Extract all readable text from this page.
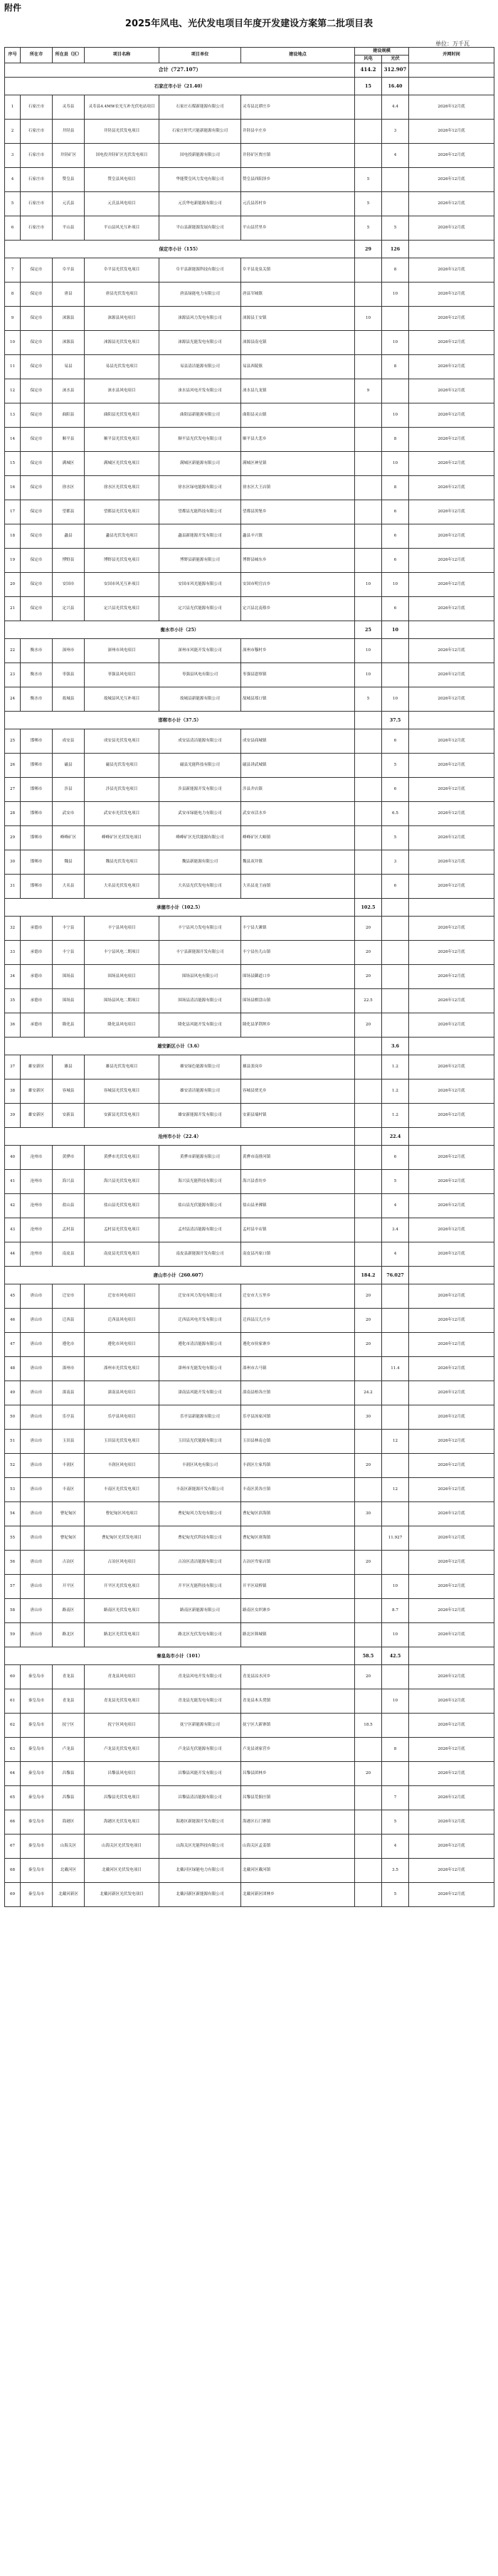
附件
2025年风电、光伏发电项目年度开发建设方案第二批项目表
单位：万千瓦
序号	所在市	所在县（区）	项目名称	项目单位	建设地点	建设规模		并网时间
						风电	光伏	
合计（727.107）						414.2	312.907	
石家庄市小计（21.40）						15	16.40	
1	石家庄市	灵寿县	灵寿县4.4MW农光互补光伏电站项目	石家庄石煤新能源有限公司	灵寿县北谭庄乡		4.4	2026年12月底
2	石家庄市	井陉县	井陉县光伏发电项目	石家庄时代兴能新能源有限公司	井陉县辛庄乡		3	2026年12月底
3	石家庄市	井陉矿区	国电投井陉矿区光伏发电项目	国电投新能源有限公司	井陉矿区贾庄镇		4	2026年12月底
4	石家庄市	赞皇县	赞皇县风电项目	华能赞皇风力发电有限公司	赞皇县西阳泽乡	5		2026年12月底
5	石家庄市	元氏县	元氏县风电项目	元氏华电新能源有限公司	元氏县苏村乡	5		2026年12月底
6	石家庄市	平山县	平山县风光互补项目	平山县新能源发展有限公司	平山县营里乡	5	5	2026年12月底
保定市小计（155）						29	126	
7	保定市	阜平县	阜平县光伏发电项目	阜平县新能源科技有限公司	阜平县龙泉关镇		8	2026年12月底
8	保定市	唐县	唐县光伏发电项目	唐县绿能电力有限公司	唐县军城镇		10	2026年12月底
9	保定市	涞源县	涞源县风电项目	涞源县风力发电有限公司	涞源县王安镇	10		2026年12月底
10	保定市	涞源县	涞源县光伏发电项目	涞源县光能发电有限公司	涞源县南屯镇		10	2026年12月底
11	保定市	易县	易县光伏发电项目	易县清洁能源有限公司	易县西陵镇		8	2026年12月底
12	保定市	涞水县	涞水县风电项目	涞水县风电开发有限公司	涞水县九龙镇	9		2026年12月底
13	保定市	曲阳县	曲阳县光伏发电项目	曲阳县新能源有限公司	曲阳县灵山镇		10	2026年12月底
14	保定市	顺平县	顺平县光伏发电项目	顺平县光伏发电有限公司	顺平县大悲乡		8	2026年12月底
15	保定市	满城区	满城区光伏发电项目	满城区新能源有限公司	满城区神星镇		10	2026年12月底
16	保定市	徐水区	徐水区光伏发电项目	徐水区绿电能源有限公司	徐水区大王店镇		8	2026年12月底
17	保定市	望都县	望都县光伏发电项目	望都县光能科技有限公司	望都县黑堡乡		6	2026年12月底
18	保定市	蠡县	蠡县光伏发电项目	蠡县新能源开发有限公司	蠡县辛兴镇		6	2026年12月底
19	保定市	博野县	博野县光伏发电项目	博野县新能源有限公司	博野县城东乡		6	2026年12月底
20	保定市	安国市	安国市风光互补项目	安国市风光能源有限公司	安国市明官店乡	10	10	2026年12月底
21	保定市	定兴县	定兴县光伏发电项目	定兴县光伏能源有限公司	定兴县北南蔡乡		6	2026年12月底
衡水市小计（25）						25	10	
22	衡水市	深州市	深州市风电项目	深州市风能开发有限公司	深州市穆村乡	10		2026年12月底
23	衡水市	枣强县	枣强县风电项目	枣强县风电有限公司	枣强县恩察镇	10		2026年12月底
24	衡水市	故城县	故城县风光互补项目	故城县新能源有限公司	故城县郑口镇	5	10	2026年12月底
邯郸市小计（37.5）							37.5	
25	邯郸市	成安县	成安县光伏发电项目	成安县清洁能源有限公司	成安县商城镇		6	2026年12月底
26	邯郸市	磁县	磁县光伏发电项目	磁县光能科技有限公司	磁县讲武城镇		5	2026年12月底
27	邯郸市	涉县	涉县光伏发电项目	涉县新能源开发有限公司	涉县井店镇		6	2026年12月底
28	邯郸市	武安市	武安市光伏发电项目	武安市绿能电力有限公司	武安市活水乡		6.5	2026年12月底
29	邯郸市	峰峰矿区	峰峰矿区光伏发电项目	峰峰矿区光伏能源有限公司	峰峰矿区大峪镇		5	2026年12月底
30	邯郸市	魏县	魏县光伏发电项目	魏县新能源有限公司	魏县双井镇		3	2026年12月底
31	邯郸市	大名县	大名县光伏发电项目	大名县光伏发电有限公司	大名县龙王庙镇		6	2026年12月底
承德市小计（102.5）						102.5		
32	承德市	丰宁县	丰宁县风电项目	丰宁县风力发电有限公司	丰宁县大滩镇	20		2026年12月底
33	承德市	丰宁县	丰宁县风电二期项目	丰宁县新能源开发有限公司	丰宁县鱼儿山镇	20		2026年12月底
34	承德市	围场县	围场县风电项目	围场县风电有限公司	围场县御道口乡	20		2026年12月底
35	承德市	围场县	围场县风电二期项目	围场县清洁能源有限公司	围场县棋盘山镇	22.5		2026年12月底
36	承德市	隆化县	隆化县风电项目	隆化县风能开发有限公司	隆化县茅荆坝乡	20		2026年12月底
雄安新区小计（3.6）							3.6	
37	雄安新区	雄县	雄县光伏发电项目	雄安绿色能源有限公司	雄县张岗乡		1.2	2026年12月底
38	雄安新区	容城县	容城县光伏发电项目	雄安清洁能源有限公司	容城县贾光乡		1.2	2026年12月底
39	雄安新区	安新县	安新县光伏发电项目	雄安新能源开发有限公司	安新县端村镇		1.2	2026年12月底
沧州市小计（22.4）							22.4	
40	沧州市	黄骅市	黄骅市光伏发电项目	黄骅市新能源有限公司	黄骅市南排河镇		6	2026年12月底
41	沧州市	海兴县	海兴县光伏发电项目	海兴县光能科技有限公司	海兴县香坊乡		5	2026年12月底
42	沧州市	盐山县	盐山县光伏发电项目	盐山县光伏能源有限公司	盐山县圣佛镇		4	2026年12月底
43	沧州市	孟村县	孟村县光伏发电项目	孟村县清洁能源有限公司	孟村县辛店镇		3.4	2026年12月底
44	沧州市	南皮县	南皮县光伏发电项目	南皮县新能源开发有限公司	南皮县冯家口镇		4	2026年12月底
唐山市小计（260.607）						184.2	76.027	
45	唐山市	迁安市	迁安市风电项目	迁安市风力发电有限公司	迁安市大五里乡	20		2026年12月底
46	唐山市	迁西县	迁西县风电项目	迁西县风电开发有限公司	迁西县汉儿庄乡	20		2026年12月底
47	唐山市	遵化市	遵化市风电项目	遵化市清洁能源有限公司	遵化市侯家寨乡	20		2026年12月底
48	唐山市	滦州市	滦州市光伏发电项目	滦州市光能发电有限公司	滦州市古马镇		11.4	2026年12月底
49	唐山市	滦南县	滦南县风电项目	滦南县风能开发有限公司	滦南县柏各庄镇	24.2		2026年12月底
50	唐山市	乐亭县	乐亭县风电项目	乐亭县新能源有限公司	乐亭县汤家河镇	30		2026年12月底
51	唐山市	玉田县	玉田县光伏发电项目	玉田县光伏能源有限公司	玉田县林南仓镇		12	2026年12月底
52	唐山市	丰润区	丰润区风电项目	丰润区风电有限公司	丰润区左家坞镇	20		2026年12月底
53	唐山市	丰南区	丰南区光伏发电项目	丰南区新能源开发有限公司	丰南区黄各庄镇		12	2026年12月底
54	唐山市	曹妃甸区	曹妃甸区风电项目	曹妃甸风力发电有限公司	曹妃甸区滨海镇	30		2026年12月底
55	唐山市	曹妃甸区	曹妃甸区光伏发电项目	曹妃甸光伏科技有限公司	曹妃甸区唐海镇		11.927	2026年12月底
56	唐山市	古冶区	古冶区风电项目	古冶区清洁能源有限公司	古冶区卑家店镇	20		2026年12月底
57	唐山市	开平区	开平区光伏发电项目	开平区光能科技有限公司	开平区双桥镇		10	2026年12月底
58	唐山市	路南区	路南区光伏发电项目	路南区新能源有限公司	路南区女织寨乡		8.7	2026年12月底
59	唐山市	路北区	路北区光伏发电项目	路北区光伏发电有限公司	路北区韩城镇		10	2026年12月底
秦皇岛市小计（101）						58.5	42.5	
60	秦皇岛市	青龙县	青龙县风电项目	青龙县风电开发有限公司	青龙县凉水河乡	20		2026年12月底
61	秦皇岛市	青龙县	青龙县光伏发电项目	青龙县光能发电有限公司	青龙县木头凳镇		10	2026年12月底
62	秦皇岛市	抚宁区	抚宁区风电项目	抚宁区新能源有限公司	抚宁区大新寨镇	18.5		2026年12月底
63	秦皇岛市	卢龙县	卢龙县光伏发电项目	卢龙县光伏能源有限公司	卢龙县刘家营乡		8	2026年12月底
64	秦皇岛市	昌黎县	昌黎县风电项目	昌黎县风能开发有限公司	昌黎县团林乡	20		2026年12月底
65	秦皇岛市	昌黎县	昌黎县光伏发电项目	昌黎县清洁能源有限公司	昌黎县荒佃庄镇		7	2026年12月底
66	秦皇岛市	海港区	海港区光伏发电项目	海港区新能源开发有限公司	海港区石门寨镇		5	2026年12月底
67	秦皇岛市	山海关区	山海关区光伏发电项目	山海关区光能科技有限公司	山海关区孟姜镇		4	2026年12月底
68	秦皇岛市	北戴河区	北戴河区光伏发电项目	北戴河区绿能电力有限公司	北戴河区戴河镇		3.5	2026年12月底
69	秦皇岛市	北戴河新区	北戴河新区光伏发电项目	北戴河新区新能源有限公司	北戴河新区团林乡		5	2026年12月底
